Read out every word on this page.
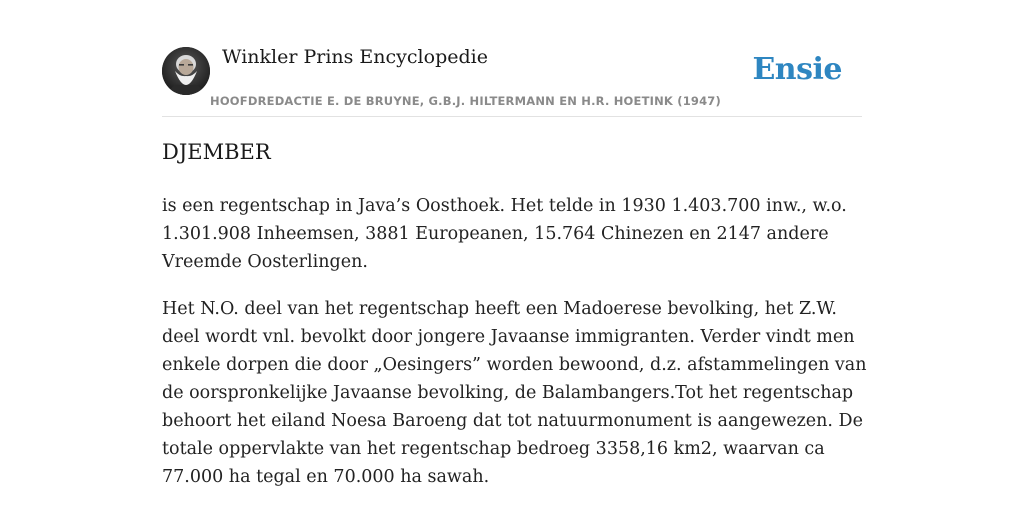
Winkler Prins Encyclopedie
HOOFDREDACTIE E. DE BRUYNE, G.B.J. HILTERMANN EN H.R. HOETINK (1947)
Ensie
DJEMBER

is een regentschap in Java’s Oosthoek. Het telde in 1930 1.403.700 inw., w.o. 1.301.908 Inheemsen, 3881 Europeanen, 15.764 Chinezen en 2147 andere Vreemde Oosterlingen.

Het N.O. deel van het regentschap heeft een Madoerese bevolking, het Z.W. deel wordt vnl. bevolkt door jongere Javaanse immigranten. Verder vindt men enkele dorpen die door „Oesingers” worden bewoond, d.z. afstammelingen van de oorspronkelijke Javaanse bevolking, de Balambangers.Tot het regentschap behoort het eiland Noesa Baroeng dat tot natuurmonument is aangewezen. De totale oppervlakte van het regentschap bedroeg 3358,16 km2, waarvan ca 77.000 ha tegal en 70.000 ha sawah.
